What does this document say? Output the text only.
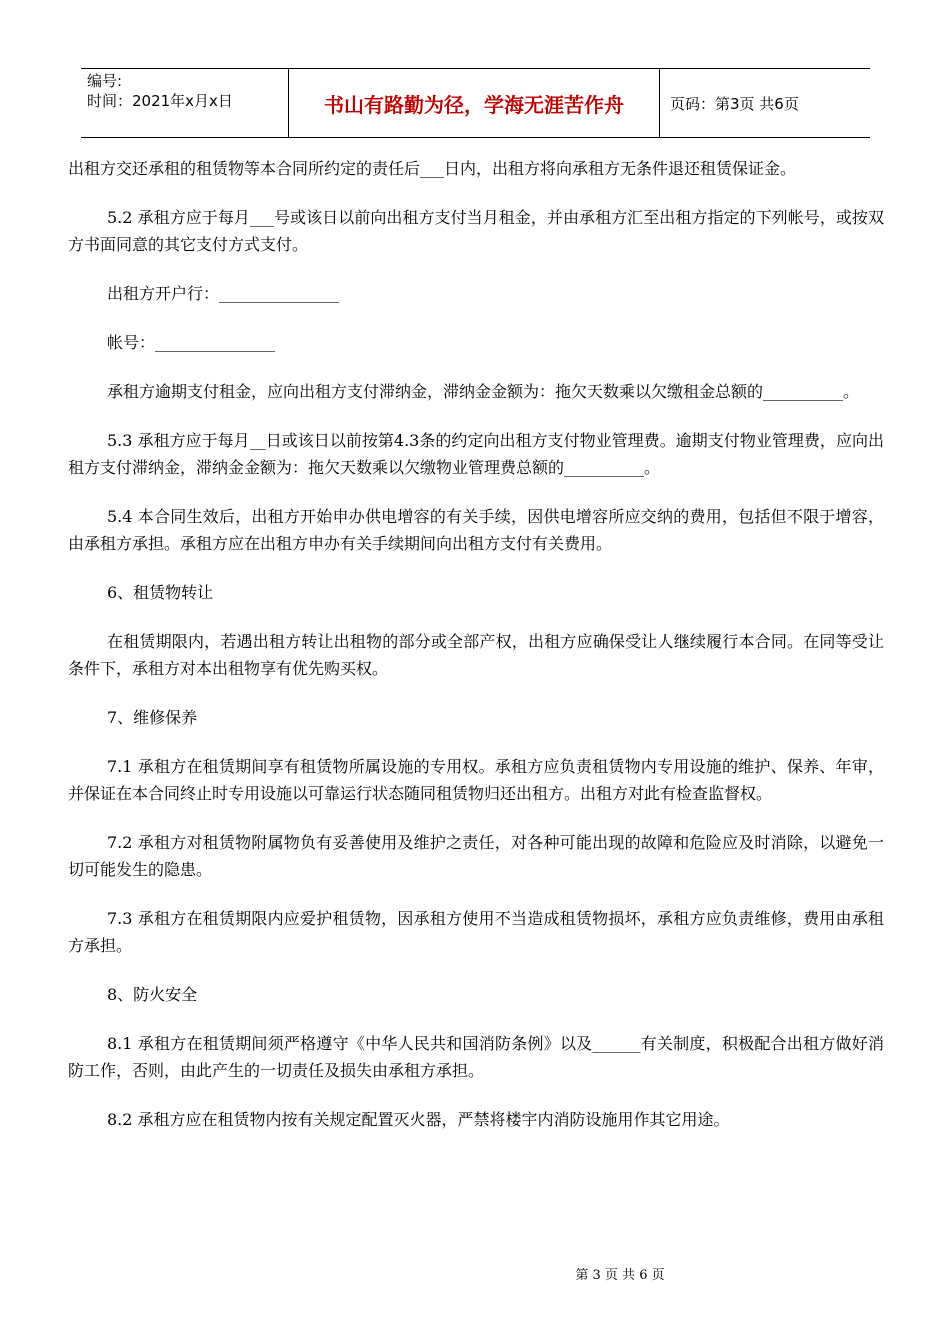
编号:
时间：2021年x月x日	书山有路勤为径，学海无涯苦作舟	页码：第3页 共6页

出租方交还承租的租赁物等本合同所约定的责任后___日内，出租方将向承租方无条件退还租赁保证金。

5.2 承租方应于每月___号或该日以前向出租方支付当月租金，并由承租方汇至出租方指定的下列帐号，或按双方书面同意的其它支付方式支付。

出租方开户行：_______________

帐号：_______________

承租方逾期支付租金，应向出租方支付滞纳金，滞纳金金额为：拖欠天数乘以欠缴租金总额的__________。

5.3 承租方应于每月__日或该日以前按第4.3条的约定向出租方支付物业管理费。逾期支付物业管理费，应向出租方支付滞纳金，滞纳金金额为：拖欠天数乘以欠缴物业管理费总额的__________。

5.4 本合同生效后，出租方开始申办供电增容的有关手续，因供电增容所应交纳的费用，包括但不限于增容，由承租方承担。承租方应在出租方申办有关手续期间向出租方支付有关费用。

6、租赁物转让

在租赁期限内，若遇出租方转让出租物的部分或全部产权，出租方应确保受让人继续履行本合同。在同等受让条件下，承租方对本出租物享有优先购买权。

7、维修保养

7.1 承租方在租赁期间享有租赁物所属设施的专用权。承租方应负责租赁物内专用设施的维护、保养、年审，并保证在本合同终止时专用设施以可靠运行状态随同租赁物归还出租方。出租方对此有检查监督权。

7.2 承租方对租赁物附属物负有妥善使用及维护之责任，对各种可能出现的故障和危险应及时消除，以避免一切可能发生的隐患。

7.3 承租方在租赁期限内应爱护租赁物，因承租方使用不当造成租赁物损坏，承租方应负责维修，费用由承租方承担。

8、防火安全

8.1 承租方在租赁期间须严格遵守《中华人民共和国消防条例》以及______有关制度，积极配合出租方做好消防工作，否则，由此产生的一切责任及损失由承租方承担。

8.2 承租方应在租赁物内按有关规定配置灭火器，严禁将楼宇内消防设施用作其它用途。

第 3 页 共 6 页
